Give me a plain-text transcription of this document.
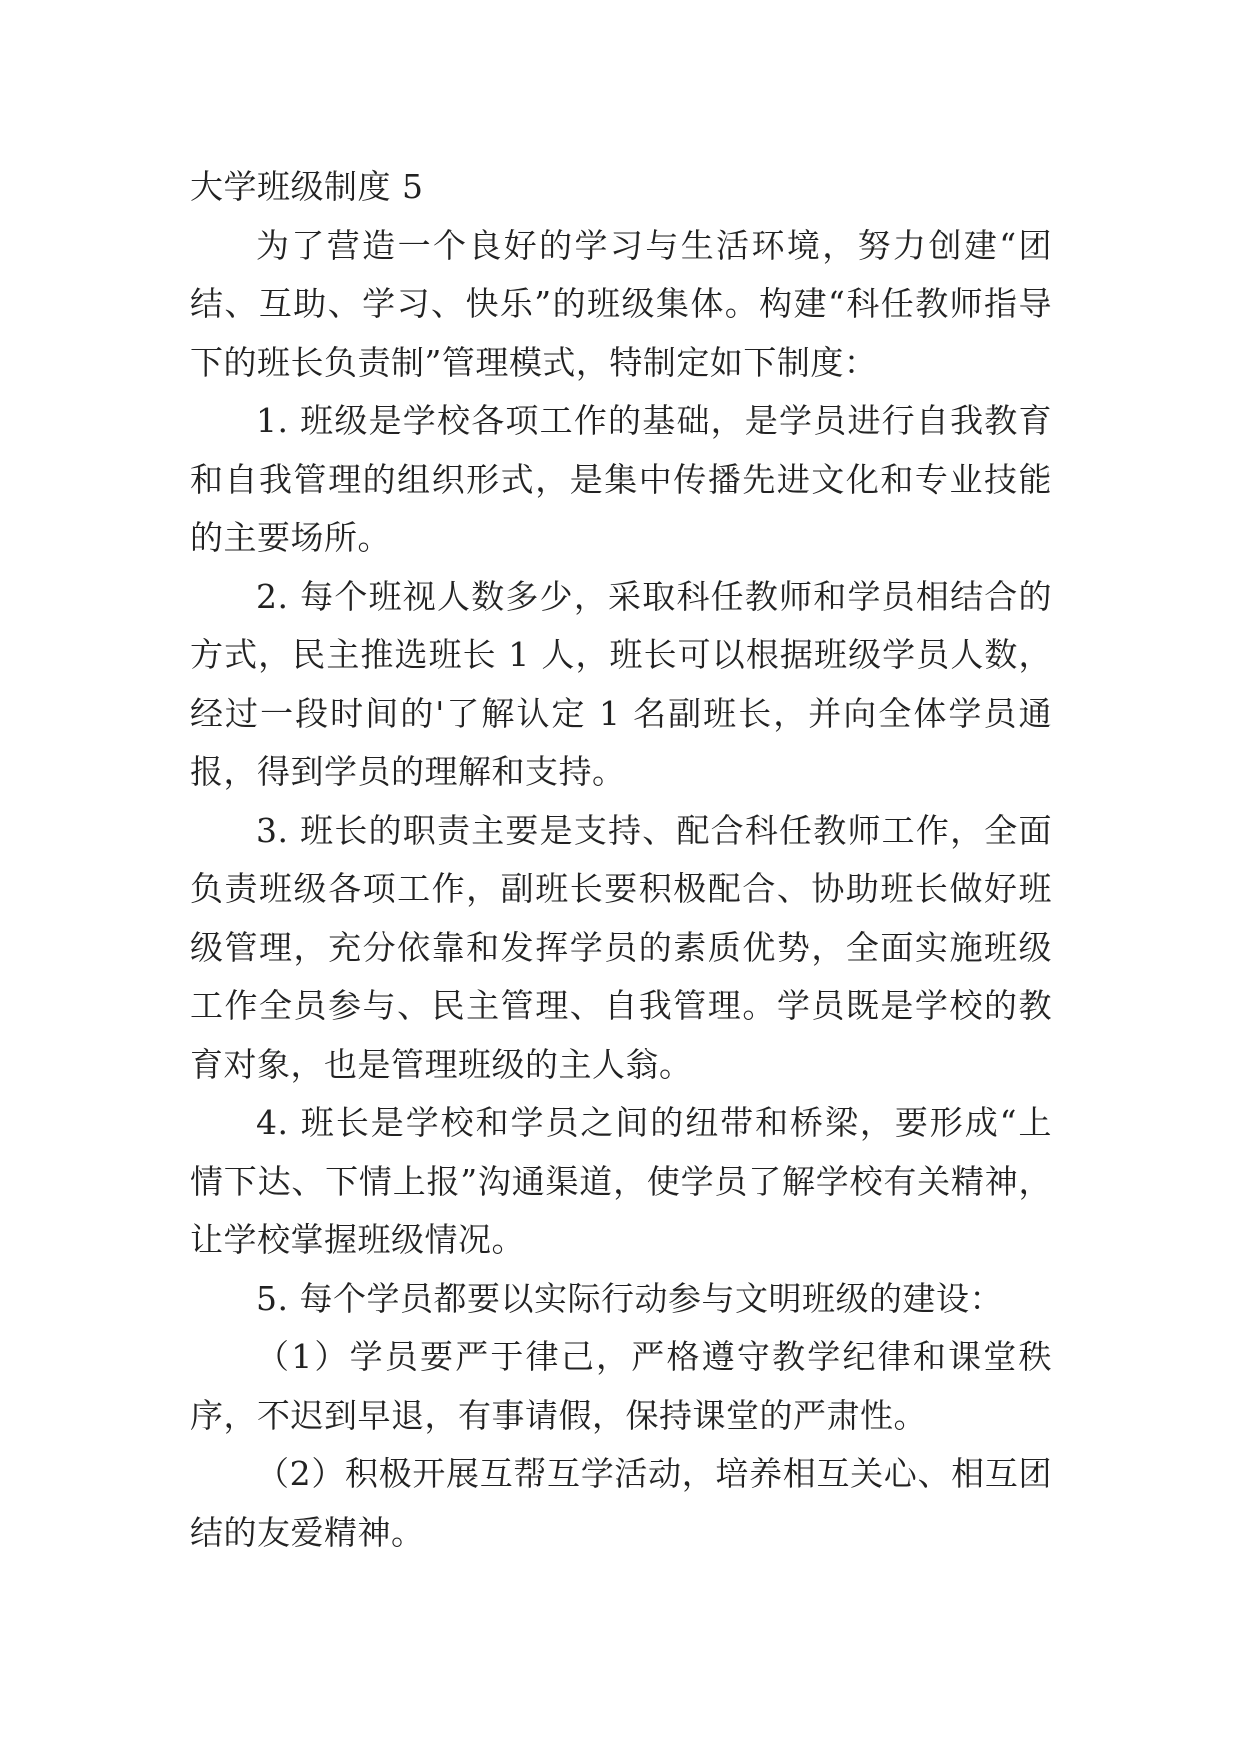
大学班级制度 5

为了营造一个良好的学习与生活环境，努力创建“团结、互助、学习、快乐”的班级集体。构建“科任教师指导下的班长负责制”管理模式，特制定如下制度：

1. 班级是学校各项工作的基础，是学员进行自我教育和自我管理的组织形式，是集中传播先进文化和专业技能的主要场所。

2. 每个班视人数多少，采取科任教师和学员相结合的方式，民主推选班长 1 人，班长可以根据班级学员人数，经过一段时间的'了解认定 1 名副班长，并向全体学员通报，得到学员的理解和支持。

3. 班长的职责主要是支持、配合科任教师工作，全面负责班级各项工作，副班长要积极配合、协助班长做好班级管理，充分依靠和发挥学员的素质优势，全面实施班级工作全员参与、民主管理、自我管理。学员既是学校的教育对象，也是管理班级的主人翁。

4. 班长是学校和学员之间的纽带和桥梁，要形成“上情下达、下情上报”沟通渠道，使学员了解学校有关精神，让学校掌握班级情况。

5. 每个学员都要以实际行动参与文明班级的建设：

（1）学员要严于律己，严格遵守教学纪律和课堂秩序，不迟到早退，有事请假，保持课堂的严肃性。

（2）积极开展互帮互学活动，培养相互关心、相互团结的友爱精神。
